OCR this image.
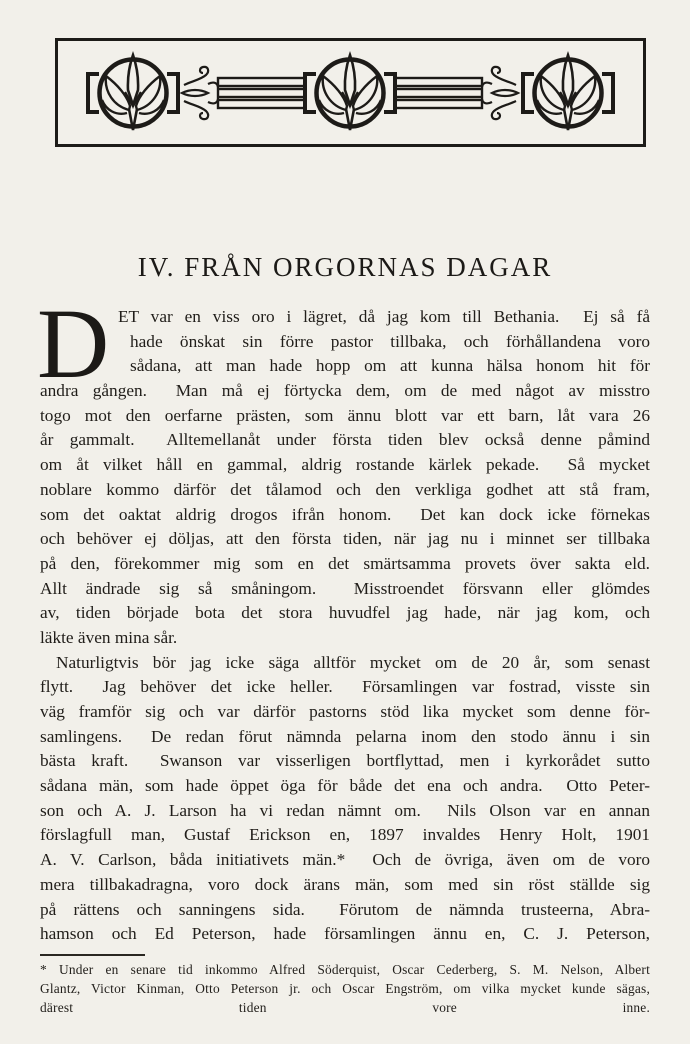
IV. FRÅN ORGORNAS DAGAR
D ET var en viss oro i lägret, då jag kom till Bethania.  Ej så få
hade önskat sin förre pastor tillbaka, och förhållandena voro
sådana, att man hade hopp om att kunna hälsa honom hit för
andra gången.  Man må ej förtycka dem, om de med något av misstro
togo mot den oerfarne prästen, som ännu blott var ett barn, låt vara 26
år gammalt.  Alltemellanåt under första tiden blev också denne påmind
om åt vilket håll en gammal, aldrig rostande kärlek pekade.  Så mycket
noblare kommo därför det tålamod och den verkliga godhet att stå fram,
som det oaktat aldrig drogos ifrån honom.  Det kan dock icke förnekas
och behöver ej döljas, att den första tiden, när jag nu i minnet ser tillbaka
på den, förekommer mig som en det smärtsamma provets över sakta eld.
Allt ändrade sig så småningom.  Misstroendet försvann eller glömdes
av, tiden började bota det stora huvudfel jag hade, när jag kom, och
läkte även mina sår.
Naturligtvis bör jag icke säga alltför mycket om de 20 år, som senast
flytt.  Jag behöver det icke heller.  Församlingen var fostrad, visste sin
väg framför sig och var därför pastorns stöd lika mycket som denne för-
samlingens.  De redan förut nämnda pelarna inom den stodo ännu i sin
bästa kraft.  Swanson var visserligen bortflyttad, men i kyrkorådet sutto
sådana män, som hade öppet öga för både det ena och andra.  Otto Peter-
son och A. J. Larson ha vi redan nämnt om.  Nils Olson var en annan
förslagfull man, Gustaf Erickson en, 1897 invaldes Henry Holt, 1901
A. V. Carlson, båda initiativets män.*  Och de övriga, även om de voro
mera tillbakadragna, voro dock ärans män, som med sin röst ställde sig
på rättens och sanningens sida.  Förutom de nämnda trusteerna, Abra-
hamson och Ed Peterson, hade församlingen ännu en, C. J. Peterson,
* Under en senare tid inkommo Alfred Söderquist, Oscar Cederberg, S. M. Nelson, Albert
Glantz, Victor Kinman, Otto Peterson jr. och Oscar Engström, om vilka mycket kunde sägas,
därest tiden vore inne.
